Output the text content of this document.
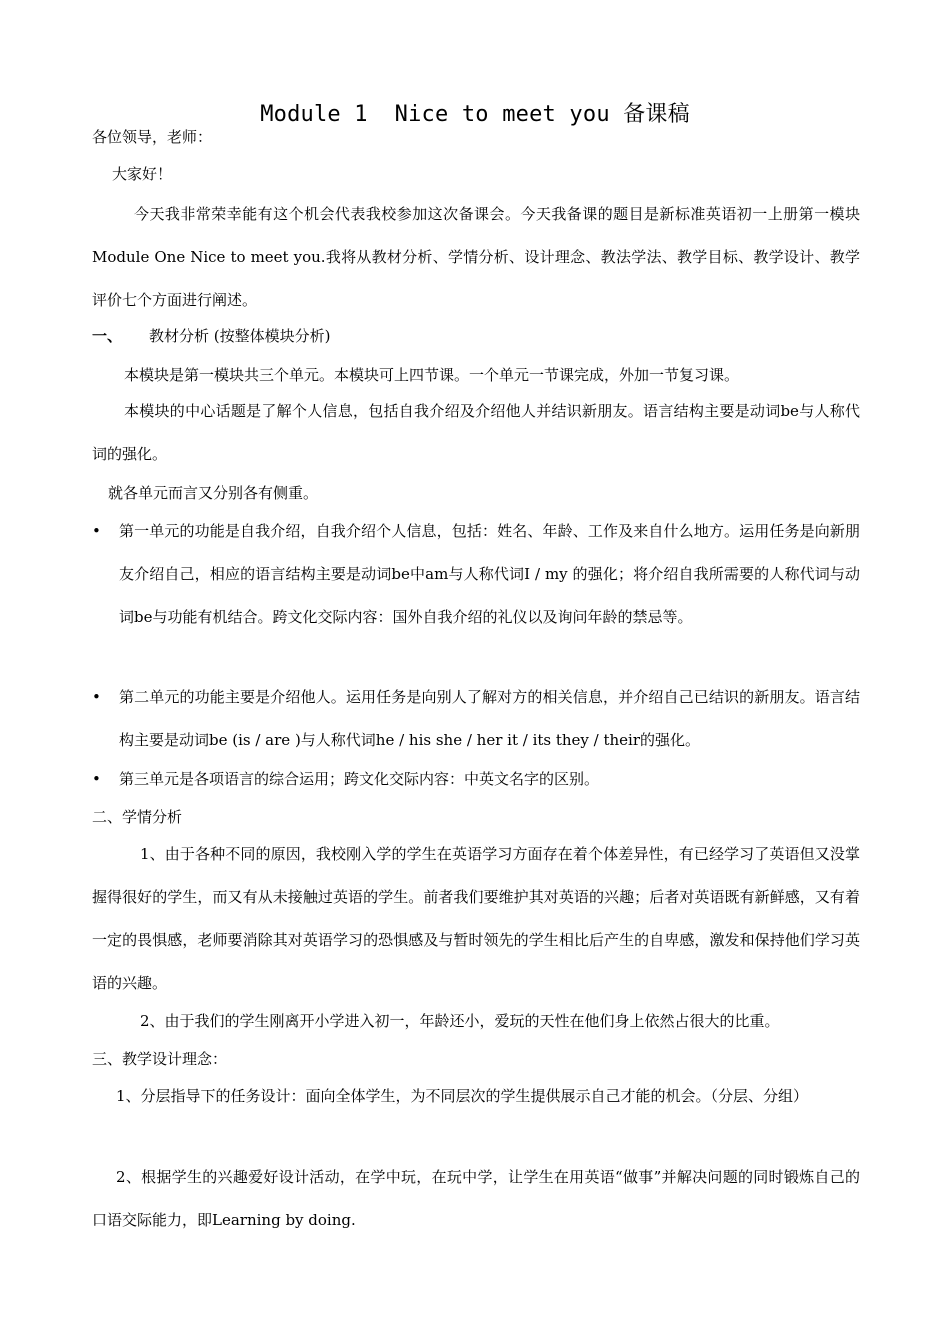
Module 1  Nice to meet you 备课稿

各位领导，老师：

大家好！

今天我非常荣幸能有这个机会代表我校参加这次备课会。今天我备课的题目是新标准英语初一上册第一模块Module One Nice to meet you.我将从教材分析、学情分析、设计理念、教法学法、教学目标、教学设计、教学评价七个方面进行阐述。

一、 教材分析 (按整体模块分析)

本模块是第一模块共三个单元。本模块可上四节课。一个单元一节课完成，外加一节复习课。

本模块的中心话题是了解个人信息，包括自我介绍及介绍他人并结识新朋友。语言结构主要是动词be与人称代词的强化。

就各单元而言又分别各有侧重。

• 第一单元的功能是自我介绍，自我介绍个人信息，包括：姓名、年龄、工作及来自什么地方。运用任务是向新朋友介绍自己，相应的语言结构主要是动词be中am与人称代词I / my 的强化；将介绍自我所需要的人称代词与动词be与功能有机结合。跨文化交际内容：国外自我介绍的礼仪以及询问年龄的禁忌等。
• 第二单元的功能主要是介绍他人。运用任务是向别人了解对方的相关信息，并介绍自己已结识的新朋友。语言结构主要是动词be (is / are )与人称代词he / his she / her it / its they / their的强化。
• 第三单元是各项语言的综合运用；跨文化交际内容：中英文名字的区别。

二、学情分析

1、由于各种不同的原因，我校刚入学的学生在英语学习方面存在着个体差异性，有已经学习了英语但又没掌握得很好的学生，而又有从未接触过英语的学生。前者我们要维护其对英语的兴趣；后者对英语既有新鲜感，又有着一定的畏惧感，老师要消除其对英语学习的恐惧感及与暂时领先的学生相比后产生的自卑感，激发和保持他们学习英语的兴趣。

2、由于我们的学生刚离开小学进入初一，年龄还小，爱玩的天性在他们身上依然占很大的比重。

三、教学设计理念：

1、分层指导下的任务设计：面向全体学生，为不同层次的学生提供展示自己才能的机会。（分层、分组）

2、根据学生的兴趣爱好设计活动，在学中玩，在玩中学，让学生在用英语“做事”并解决问题的同时锻炼自己的口语交际能力，即Learning by doing.
